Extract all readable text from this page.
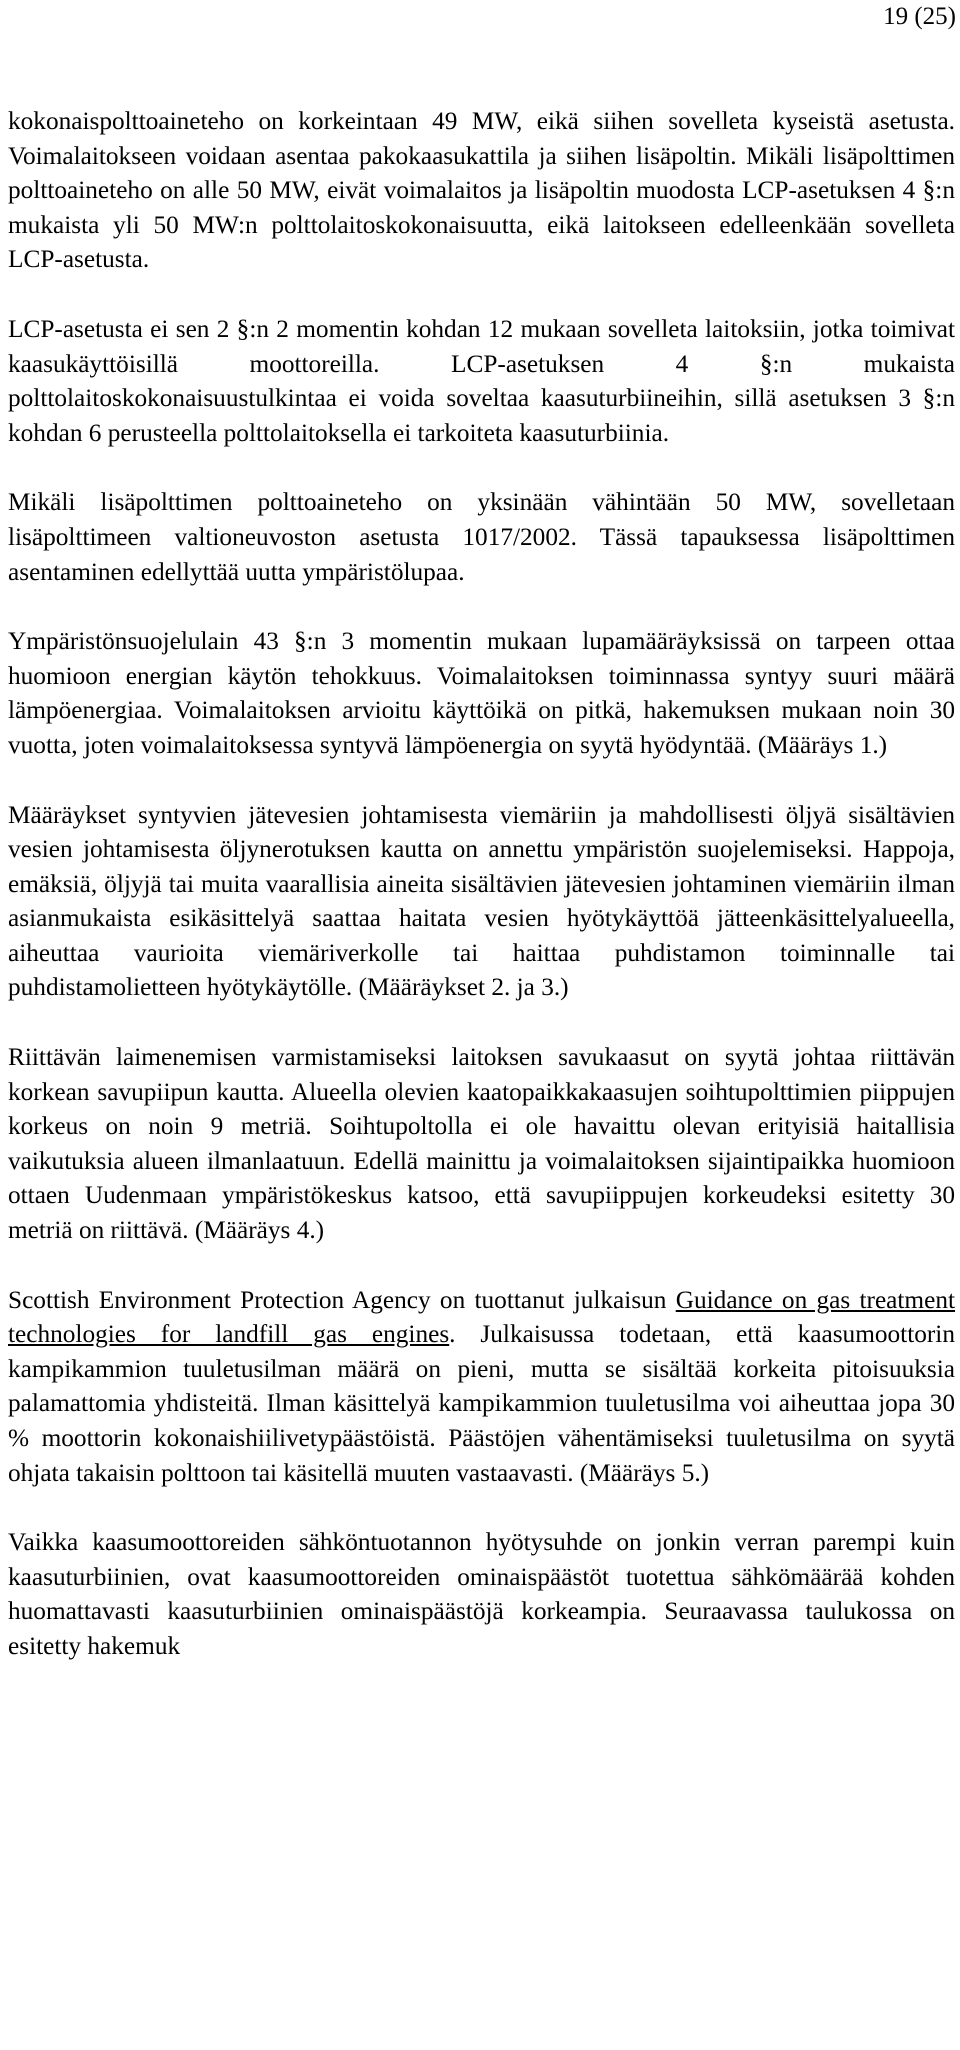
19 (25)

kokonaispolttoaineteho on korkeintaan 49 MW, eikä siihen sovelleta kyseistä asetusta. Voimalaitokseen voidaan asentaa pakokaasukattila ja siihen lisäpoltin. Mikäli lisäpolttimen polttoaineteho on alle 50 MW, eivät voimalaitos ja lisäpoltin muodosta LCP-asetuksen 4 §:n mukaista yli 50 MW:n polttolaitoskokonaisuutta, eikä laitokseen edelleenkään sovelleta LCP-asetusta.

LCP-asetusta ei sen 2 §:n 2 momentin kohdan 12 mukaan sovelleta laitoksiin, jotka toimivat kaasukäyttöisillä moottoreilla. LCP-asetuksen 4 §:n mukaista polttolaitoskokonaisuustulkintaa ei voida soveltaa kaasuturbiineihin, sillä asetuksen 3 §:n kohdan 6 perusteella polttolaitoksella ei tarkoiteta kaasuturbiinia.

Mikäli lisäpolttimen polttoaineteho on yksinään vähintään 50 MW, sovelletaan lisäpolttimeen valtioneuvoston asetusta 1017/2002. Tässä tapauksessa lisäpolttimen asentaminen edellyttää uutta ympäristölupaa.

Ympäristönsuojelulain 43 §:n 3 momentin mukaan lupamääräyksissä on tarpeen ottaa huomioon energian käytön tehokkuus. Voimalaitoksen toiminnassa syntyy suuri määrä lämpöenergiaa. Voimalaitoksen arvioitu käyttöikä on pitkä, hakemuksen mukaan noin 30 vuotta, joten voimalaitoksessa syntyvä lämpöenergia on syytä hyödyntää. (Määräys 1.)

Määräykset syntyvien jätevesien johtamisesta viemäriin ja mahdollisesti öljyä sisältävien vesien johtamisesta öljynerotuksen kautta on annettu ympäristön suojelemiseksi. Happoja, emäksiä, öljyjä tai muita vaarallisia aineita sisältävien jätevesien johtaminen viemäriin ilman asianmukaista esikäsittelyä saattaa haitata vesien hyötykäyttöä jätteenkäsittelyalueella, aiheuttaa vaurioita viemäriverkolle tai haittaa puhdistamon toiminnalle tai puhdistamolietteen hyötykäytölle. (Määräykset 2. ja 3.)

Riittävän laimenemisen varmistamiseksi laitoksen savukaasut on syytä johtaa riittävän korkean savupiipun kautta. Alueella olevien kaatopaikkakaasujen soihtupolttimien piippujen korkeus on noin 9 metriä. Soihtupoltolla ei ole havaittu olevan erityisiä haitallisia vaikutuksia alueen ilmanlaatuun. Edellä mainittu ja voimalaitoksen sijaintipaikka huomioon ottaen Uudenmaan ympäristökeskus katsoo, että savupiippujen korkeudeksi esitetty 30 metriä on riittävä. (Määräys 4.)

Scottish Environment Protection Agency on tuottanut julkaisun Guidance on gas treatment technologies for landfill gas engines. Julkaisussa todetaan, että kaasumoottorin kampikammion tuuletusilman määrä on pieni, mutta se sisältää korkeita pitoisuuksia palamattomia yhdisteitä. Ilman käsittelyä kampikammion tuuletusilma voi aiheuttaa jopa 30 % moottorin kokonaishiilivetypäästöistä. Päästöjen vähentämiseksi tuuletusilma on syytä ohjata takaisin polttoon tai käsitellä muuten vastaavasti. (Määräys 5.)

Vaikka kaasumoottoreiden sähköntuotannon hyötysuhde on jonkin verran parempi kuin kaasuturbiinien, ovat kaasumoottoreiden ominaispäästöt tuotettua sähkömäärää kohden huomattavasti kaasuturbiinien ominaispäästöjä korkeampia. Seuraavassa taulukossa on esitetty hakemuk
